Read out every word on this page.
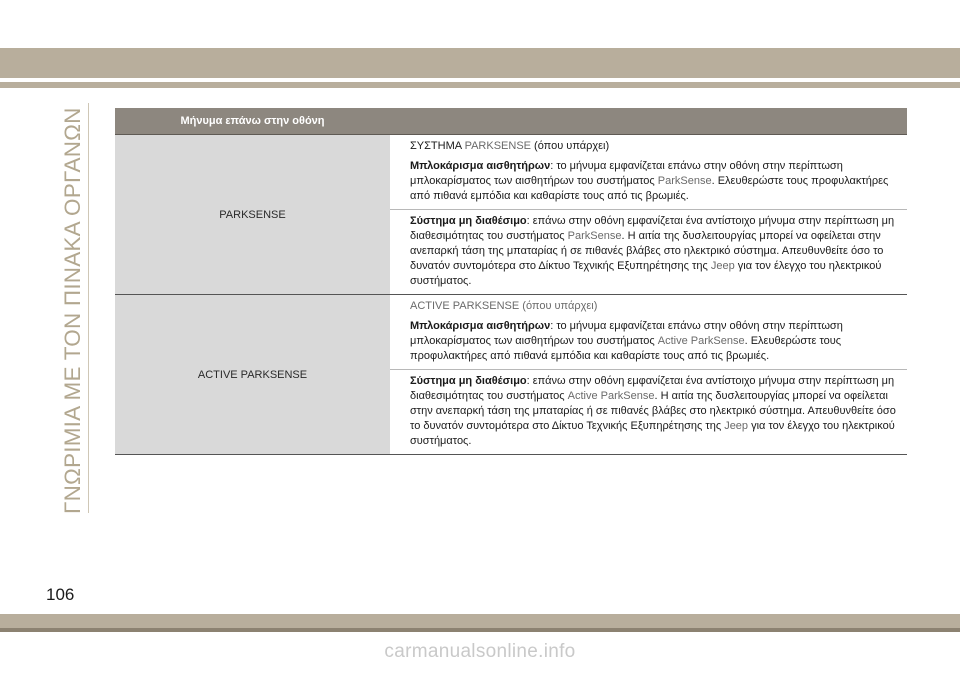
ΓΝΩΡΙΜΙΑ ΜΕ ΤΟΝ ΠΙΝΑΚΑ ΟΡΓΑΝΩΝ	Μήνυμα επάνω στην οθόνη
PARKSENSE
ΣΥΣΤΗΜΑ PARKSENSE (όπου υπάρχει)
Μπλοκάρισμα αισθητήρων: το μήνυμα εμφανίζεται επάνω στην οθόνη στην περίπτωση μπλοκαρίσματος των αισθητήρων του συστήματος ParkSense. Ελευθερώστε τους προφυλακτήρες από πιθανά εμπόδια και καθαρίστε τους από τις βρωμιές.
Σύστημα μη διαθέσιμο: επάνω στην οθόνη εμφανίζεται ένα αντίστοιχο μήνυμα στην περίπτωση μη διαθεσιμότητας του συστήματος ParkSense. Η αιτία της δυσλειτουργίας μπορεί να οφείλεται στην ανεπαρκή τάση της μπαταρίας ή σε πιθανές βλάβες στο ηλεκτρικό σύστημα. Απευθυνθείτε όσο το δυνατόν συντομότερα στο Δίκτυο Τεχνικής Εξυπηρέτησης της Jeep για τον έλεγχο του ηλεκτρικού συστήματος.
ACTIVE PARKSENSE
ACTIVE PARKSENSE (όπου υπάρχει)
Μπλοκάρισμα αισθητήρων: το μήνυμα εμφανίζεται επάνω στην οθόνη στην περίπτωση μπλοκαρίσματος των αισθητήρων του συστήματος Active ParkSense. Ελευθερώστε τους προφυλακτήρες από πιθανά εμπόδια και καθαρίστε τους από τις βρωμιές.
Σύστημα μη διαθέσιμο: επάνω στην οθόνη εμφανίζεται ένα αντίστοιχο μήνυμα στην περίπτωση μη διαθεσιμότητας του συστήματος Active ParkSense. Η αιτία της δυσλειτουργίας μπορεί να οφείλεται στην ανεπαρκή τάση της μπαταρίας ή σε πιθανές βλάβες στο ηλεκτρικό σύστημα. Απευθυνθείτε όσο το δυνατόν συντομότερα στο Δίκτυο Τεχνικής Εξυπηρέτησης της Jeep για τον έλεγχο του ηλεκτρικού συστήματος.
106
carmanualsonline.info
